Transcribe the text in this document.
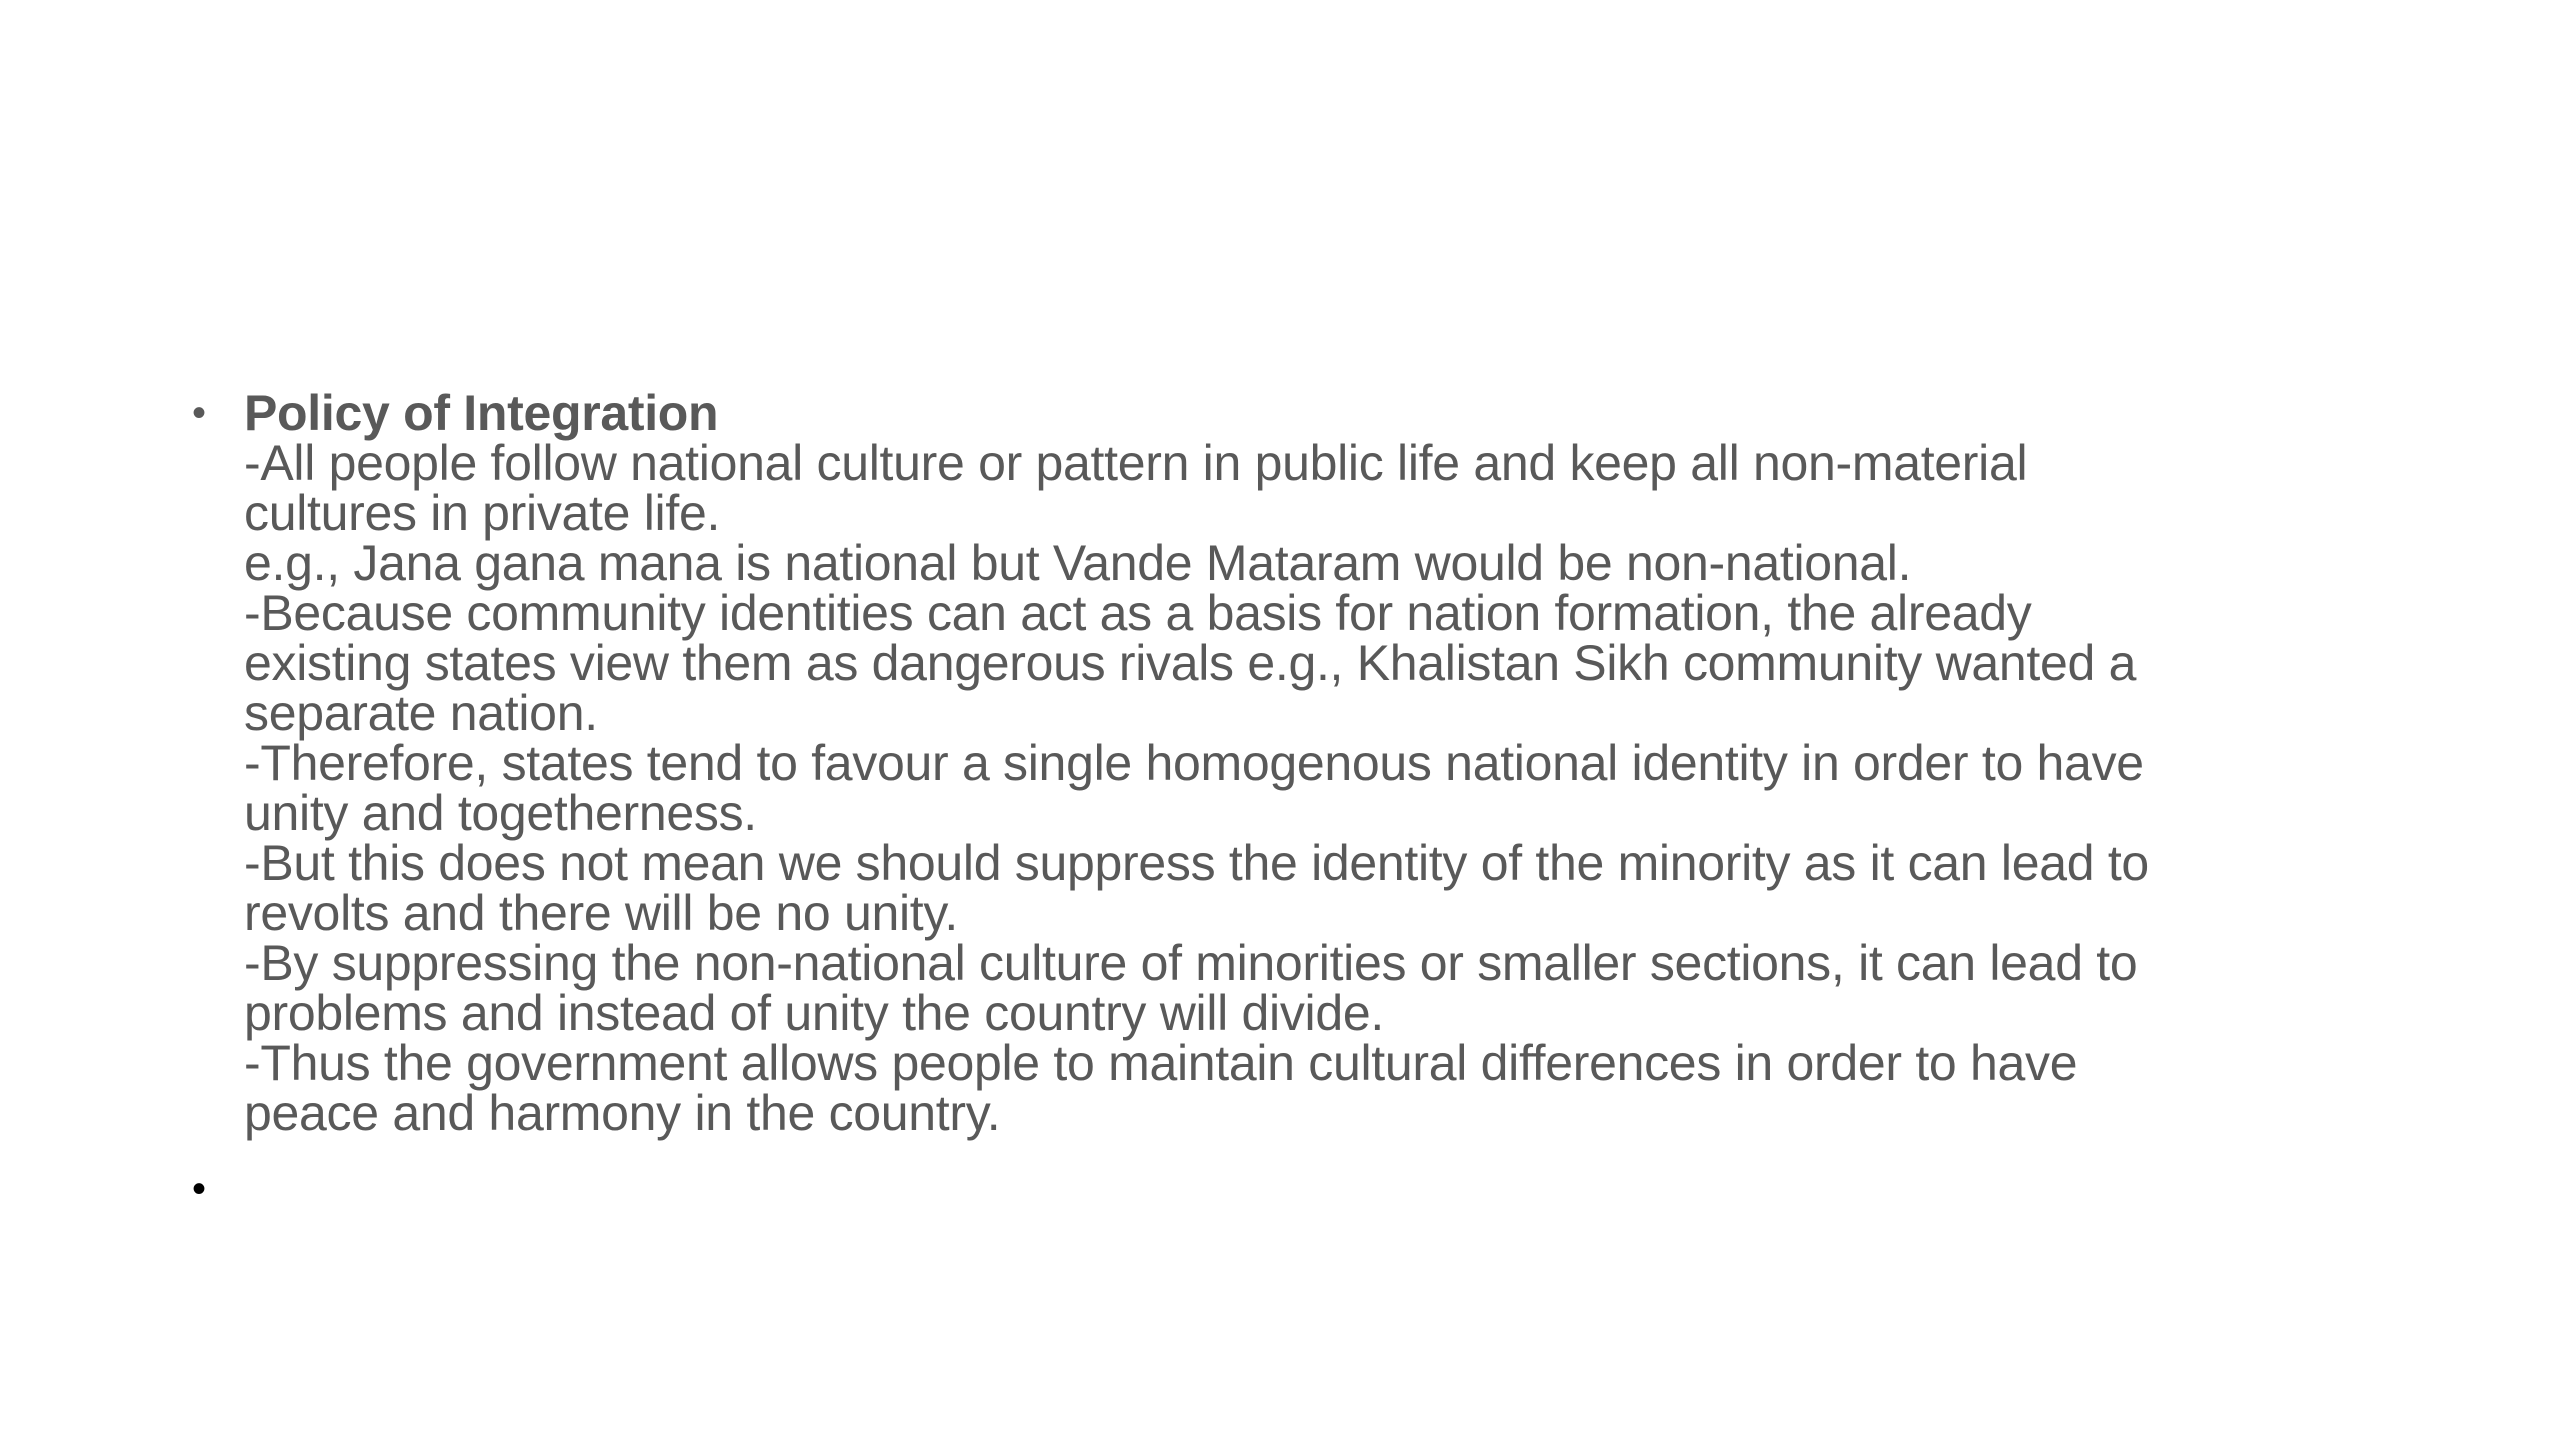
• Policy of Integration
-All people follow national culture or pattern in public life and keep all non-material
cultures in private life.
e.g., Jana gana mana is national but Vande Mataram would be non-national.
-Because community identities can act as a basis for nation formation, the already
existing states view them as dangerous rivals e.g., Khalistan Sikh community wanted a
separate nation.
-Therefore, states tend to favour a single homogenous national identity in order to have
unity and togetherness.
-But this does not mean we should suppress the identity of the minority as it can lead to
revolts and there will be no unity.
-By suppressing the non-national culture of minorities or smaller sections, it can lead to
problems and instead of unity the country will divide.
-Thus the government allows people to maintain cultural differences in order to have
peace and harmony in the country.
•
